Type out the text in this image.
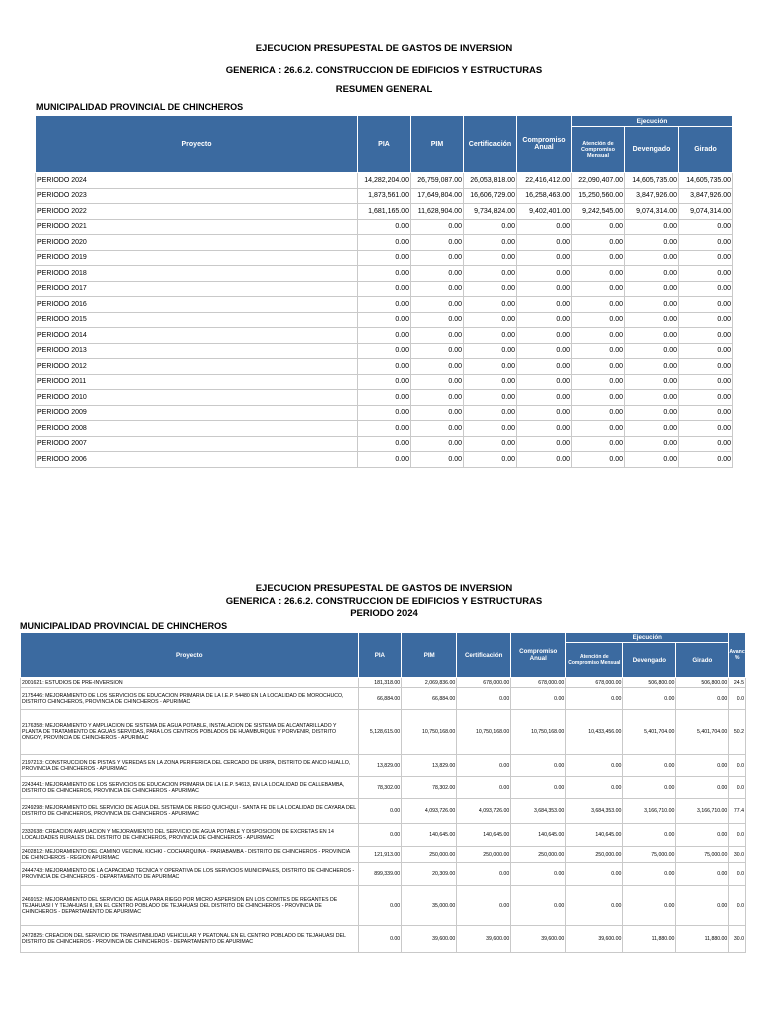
EJECUCION PRESUPESTAL DE GASTOS DE INVERSION
GENERICA : 26.6.2. CONSTRUCCION DE EDIFICIOS Y ESTRUCTURAS
RESUMEN GENERAL
MUNICIPALIDAD PROVINCIAL DE CHINCHEROS
Proyecto	PIA	PIM	Certificación	Compromiso Anual	Ejecución		
					Atención de Compromiso Mensual	Devengado	Girado
PERIODO 2024	14,282,204.00	26,759,087.00	26,053,818.00	22,416,412.00	22,090,407.00	14,605,735.00	14,605,735.00
PERIODO 2023	1,873,561.00	17,649,804.00	16,606,729.00	16,258,463.00	15,250,560.00	3,847,926.00	3,847,926.00
PERIODO 2022	1,681,165.00	11,628,904.00	9,734,824.00	9,402,401.00	9,242,545.00	9,074,314.00	9,074,314.00
PERIODO 2021	0.00	0.00	0.00	0.00	0.00	0.00	0.00
PERIODO 2020	0.00	0.00	0.00	0.00	0.00	0.00	0.00
PERIODO 2019	0.00	0.00	0.00	0.00	0.00	0.00	0.00
PERIODO 2018	0.00	0.00	0.00	0.00	0.00	0.00	0.00
PERIODO 2017	0.00	0.00	0.00	0.00	0.00	0.00	0.00
PERIODO 2016	0.00	0.00	0.00	0.00	0.00	0.00	0.00
PERIODO 2015	0.00	0.00	0.00	0.00	0.00	0.00	0.00
PERIODO 2014	0.00	0.00	0.00	0.00	0.00	0.00	0.00
PERIODO 2013	0.00	0.00	0.00	0.00	0.00	0.00	0.00
PERIODO 2012	0.00	0.00	0.00	0.00	0.00	0.00	0.00
PERIODO 2011	0.00	0.00	0.00	0.00	0.00	0.00	0.00
PERIODO 2010	0.00	0.00	0.00	0.00	0.00	0.00	0.00
PERIODO 2009	0.00	0.00	0.00	0.00	0.00	0.00	0.00
PERIODO 2008	0.00	0.00	0.00	0.00	0.00	0.00	0.00
PERIODO 2007	0.00	0.00	0.00	0.00	0.00	0.00	0.00
PERIODO 2006	0.00	0.00	0.00	0.00	0.00	0.00	0.00
EJECUCION PRESUPESTAL DE GASTOS DE INVERSION
GENERICA : 26.6.2. CONSTRUCCION DE EDIFICIOS Y ESTRUCTURAS
PERIODO 2024
MUNICIPALIDAD PROVINCIAL DE CHINCHEROS
Proyecto	PIA	PIM	Certificación	Compromiso Anual	Ejecución			Avance %
					Atención de Compromiso Mensual	Devengado	Girado	
2001621: ESTUDIOS DE PRE-INVERSION	181,318.00	2,069,836.00	678,000.00	678,000.00	678,000.00	506,800.00	506,800.00	24.5
2175446: MEJORAMIENTO DE LOS SERVICIOS DE EDUCACION PRIMARIA DE LA I.E.P. 54480 EN LA LOCALIDAD DE MOROCHUCO, DISTRITO CHINCHEROS, PROVINCIA DE CHINCHEROS - APURIMAC	66,884.00	66,884.00	0.00	0.00	0.00	0.00	0.00	0.0
2176358: MEJORAMIENTO Y AMPLIACION DE SISTEMA DE AGUA POTABLE, INSTALACION DE SISTEMA DE ALCANTARILLADO Y PLANTA DE TRATAMIENTO DE AGUAS SERVIDAS, PARA LOS CENTROS POBLADOS DE HUAMBURQUE Y PORVENIR, DISTRITO ONGOY, PROVINCIA DE CHINCHEROS - APURIMAC	5,128,615.00	10,750,168.00	10,750,168.00	10,750,168.00	10,433,456.00	5,401,704.00	5,401,704.00	50.2
2197213: CONSTRUCCION DE PISTAS Y VEREDAS EN LA ZONA PERIFERICA DEL CERCADO DE URIPA, DISTRITO DE ANCO HUALLO, PROVINCIA DE CHINCHEROS - APURIMAC	13,829.00	13,829.00	0.00	0.00	0.00	0.00	0.00	0.0
2243441: MEJORAMIENTO DE LOS SERVICIOS DE EDUCACION PRIMARIA DE LA I.E.P. 54613, EN LA LOCALIDAD DE CALLEBAMBA, DISTRITO DE CHINCHEROS, PROVINCIA DE CHINCHEROS - APURIMAC	78,302.00	78,302.00	0.00	0.00	0.00	0.00	0.00	0.0
2249298: MEJORAMIENTO DEL SERVICIO DE AGUA DEL SISTEMA DE RIEGO QUICHQUI - SANTA FE DE LA LOCALIDAD DE CAYARA DEL DISTRITO DE CHINCHEROS, PROVINCIA DE CHINCHEROS - APURIMAC	0.00	4,093,726.00	4,093,726.00	3,684,353.00	3,684,353.00	3,166,710.00	3,166,710.00	77.4
2332638: CREACION AMPLIACION Y MEJORAMIENTO DEL SERVICIO DE AGUA POTABLE Y DISPOSICION DE EXCRETAS EN 14 LOCALIDADES RURALES DEL DISTRITO DE CHINCHEROS, PROVINCIA DE CHINCHEROS - APURIMAC	0.00	140,645.00	140,645.00	140,645.00	140,645.00	0.00	0.00	0.0
2402812: MEJORAMIENTO DEL CAMINO VECINAL KICHKI - COCHARQUINA - PARIABAMBA - DISTRITO DE CHINCHEROS - PROVINCIA DE CHINCHEROS - REGION APURIMAC	121,913.00	250,000.00	250,000.00	250,000.00	250,000.00	75,000.00	75,000.00	30.0
2444743: MEJORAMIENTO DE LA CAPACIDAD TECNICA Y OPERATIVA DE LOS SERVICIOS MUNICIPALES, DISTRITO DE CHINCHEROS - PROVINCIA DE CHINCHEROS - DEPARTAMENTO DE APURIMAC	899,339.00	20,309.00	0.00	0.00	0.00	0.00	0.00	0.0
2469152: MEJORAMIENTO DEL SERVICIO DE AGUA PARA RIEGO POR MICRO ASPERSION EN LOS COMITES DE REGANTES DE TEJAHUASI I Y TEJAHUASI II, EN EL CENTRO POBLADO DE TEJAHUASI DEL DISTRITO DE CHINCHEROS - PROVINCIA DE CHINCHEROS - DEPARTAMENTO DE APURIMAC	0.00	35,000.00	0.00	0.00	0.00	0.00	0.00	0.0
2472825: CREACION DEL SERVICIO DE TRANSITABILIDAD VEHICULAR Y PEATONAL EN EL CENTRO POBLADO DE TEJAHUASI DEL DISTRITO DE CHINCHEROS - PROVINCIA DE CHINCHEROS - DEPARTAMENTO DE APURIMAC	0.00	39,600.00	39,600.00	39,600.00	39,600.00	11,880.00	11,880.00	30.0
